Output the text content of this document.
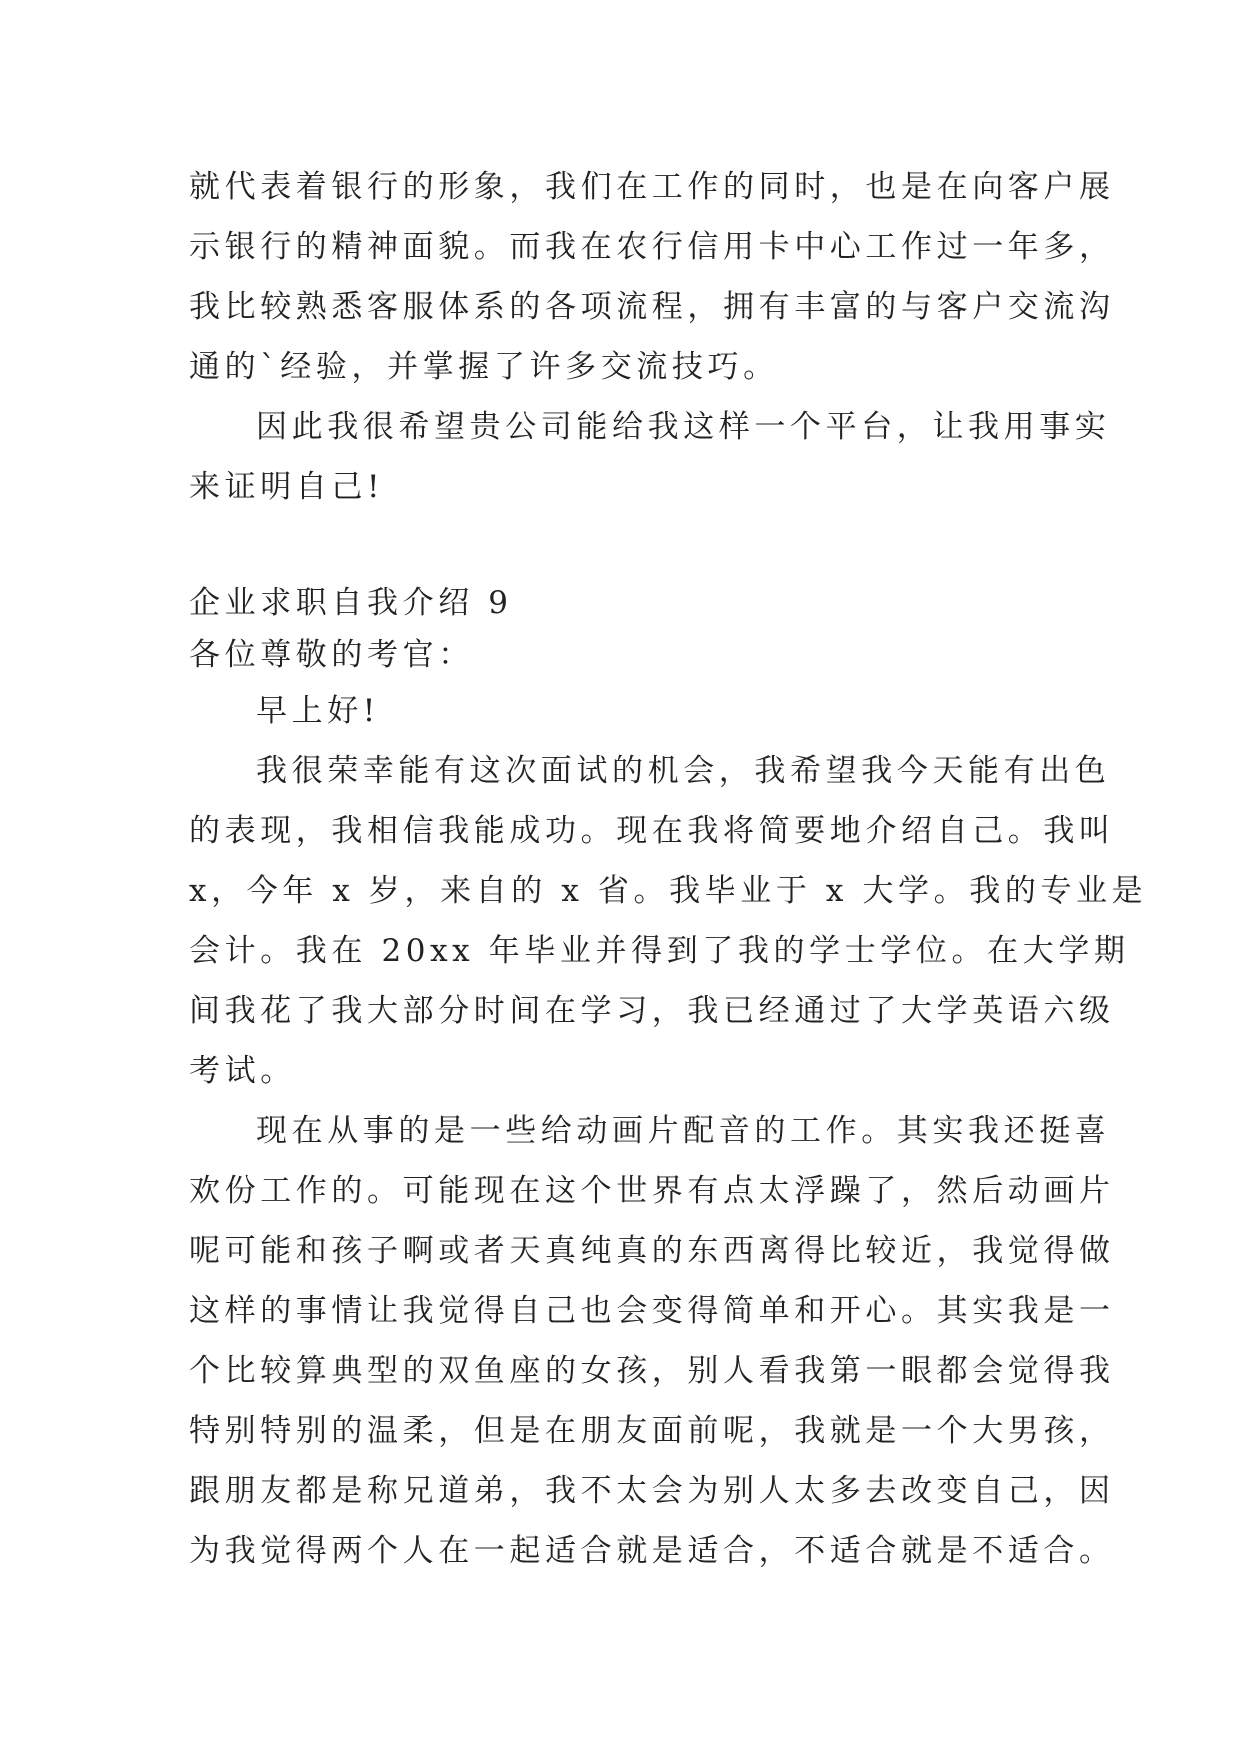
就代表着银行的形象，我们在工作的同时，也是在向客户展
示银行的精神面貌。而我在农行信用卡中心工作过一年多，
我比较熟悉客服体系的各项流程，拥有丰富的与客户交流沟
通的`经验，并掌握了许多交流技巧。
因此我很希望贵公司能给我这样一个平台，让我用事实
来证明自己!
企业求职自我介绍 9
各位尊敬的考官：
早上好!
我很荣幸能有这次面试的机会，我希望我今天能有出色
的表现，我相信我能成功。现在我将简要地介绍自己。我叫
x，今年 x 岁，来自的 x 省。我毕业于 x 大学。我的专业是
会计。我在 20xx 年毕业并得到了我的学士学位。在大学期
间我花了我大部分时间在学习，我已经通过了大学英语六级
考试。
现在从事的是一些给动画片配音的工作。其实我还挺喜
欢份工作的。可能现在这个世界有点太浮躁了，然后动画片
呢可能和孩子啊或者天真纯真的东西离得比较近，我觉得做
这样的事情让我觉得自己也会变得简单和开心。其实我是一
个比较算典型的双鱼座的女孩，别人看我第一眼都会觉得我
特别特别的温柔，但是在朋友面前呢，我就是一个大男孩，
跟朋友都是称兄道弟，我不太会为别人太多去改变自己，因
为我觉得两个人在一起适合就是适合，不适合就是不适合。
